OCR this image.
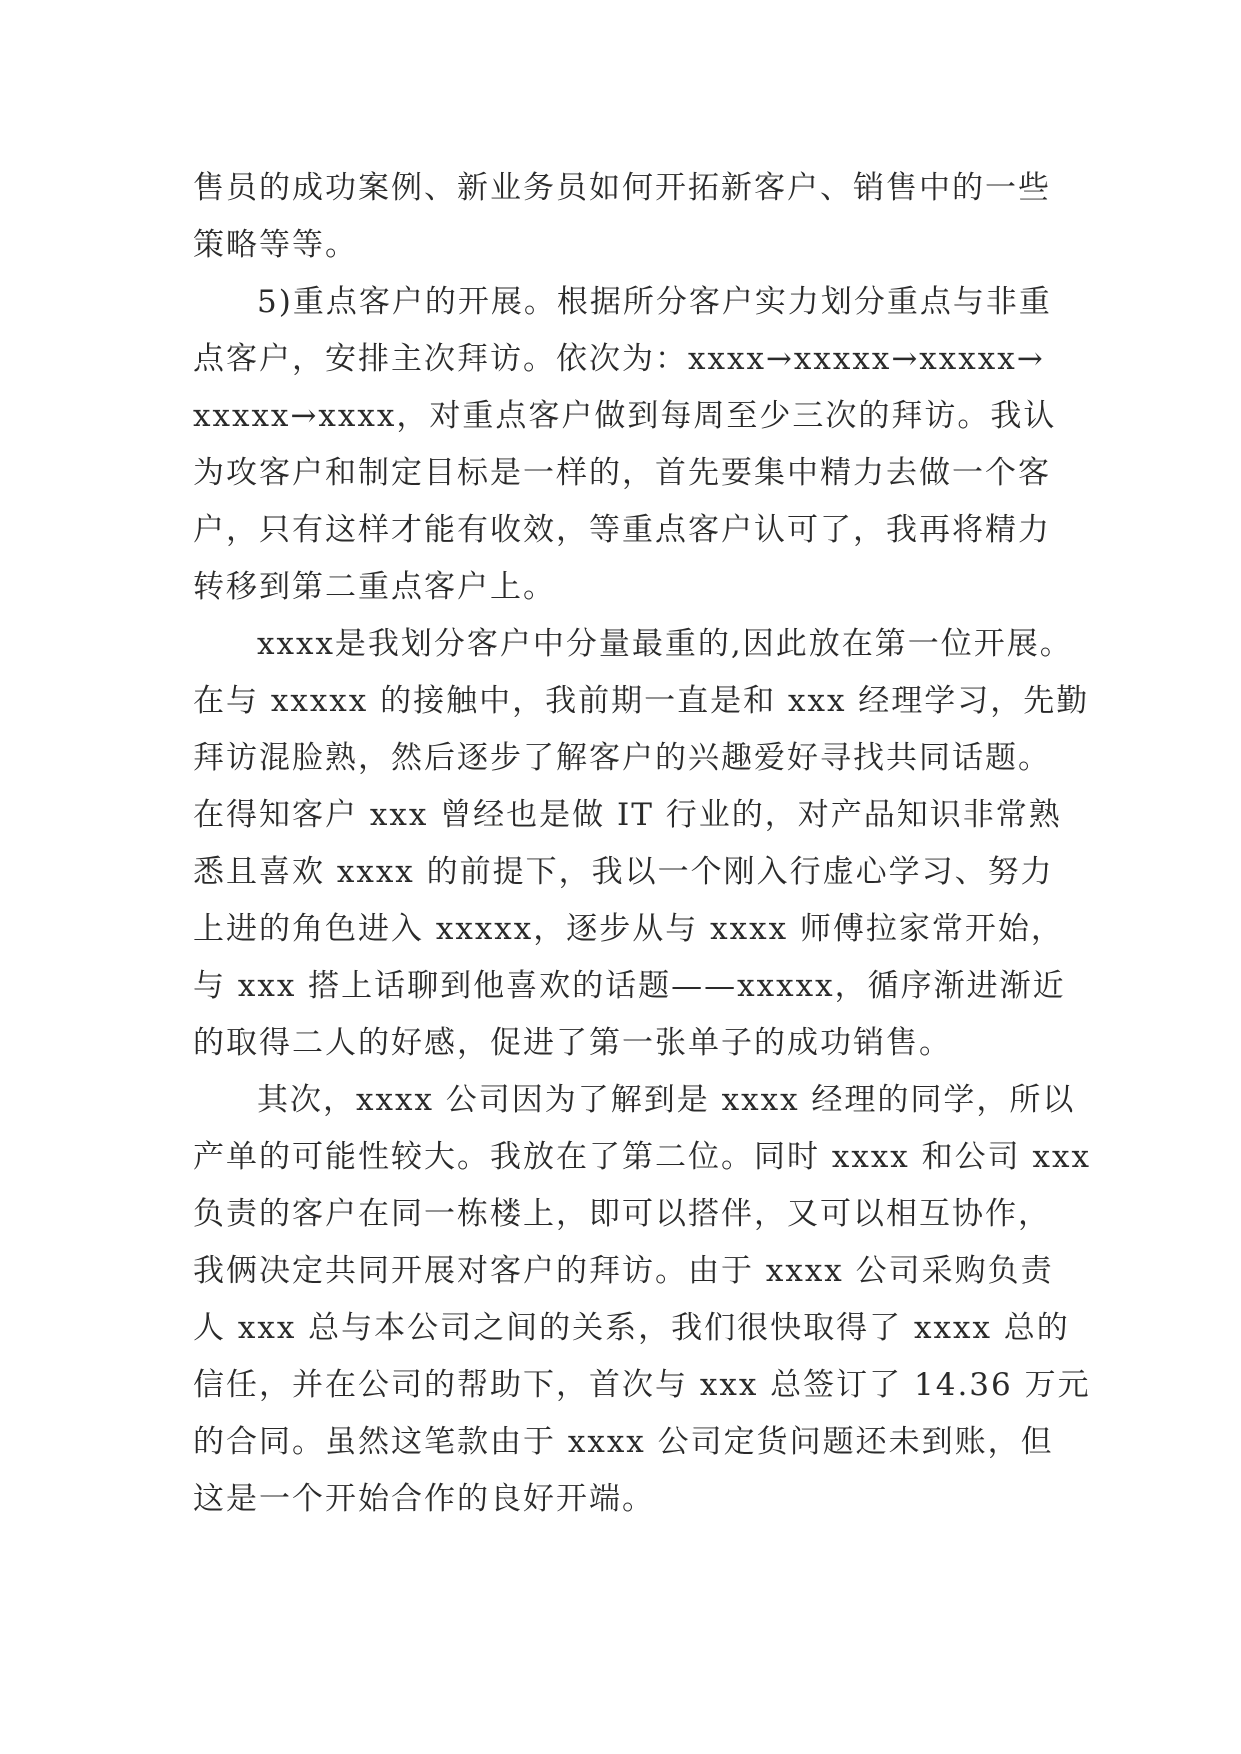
售员的成功案例、新业务员如何开拓新客户、销售中的一些
策略等等。
5)重点客户的开展。根据所分客户实力划分重点与非重
点客户，安排主次拜访。依次为：xxxx→xxxxx→xxxxx→
xxxxx→xxxx，对重点客户做到每周至少三次的拜访。我认
为攻客户和制定目标是一样的，首先要集中精力去做一个客
户，只有这样才能有收效，等重点客户认可了，我再将精力
转移到第二重点客户上。
xxxx是我划分客户中分量最重的,因此放在第一位开展。
在与 xxxxx 的接触中，我前期一直是和 xxx 经理学习，先勤
拜访混脸熟，然后逐步了解客户的兴趣爱好寻找共同话题。
在得知客户 xxx 曾经也是做 IT 行业的，对产品知识非常熟
悉且喜欢 xxxx 的前提下，我以一个刚入行虚心学习、努力
上进的角色进入 xxxxx，逐步从与 xxxx 师傅拉家常开始，
与 xxx 搭上话聊到他喜欢的话题——xxxxx，循序渐进渐近
的取得二人的好感，促进了第一张单子的成功销售。
其次，xxxx 公司因为了解到是 xxxx 经理的同学，所以
产单的可能性较大。我放在了第二位。同时 xxxx 和公司 xxx
负责的客户在同一栋楼上，即可以搭伴，又可以相互协作，
我俩决定共同开展对客户的拜访。由于 xxxx 公司采购负责
人 xxx 总与本公司之间的关系，我们很快取得了 xxxx 总的
信任，并在公司的帮助下，首次与 xxx 总签订了 14.36 万元
的合同。虽然这笔款由于 xxxx 公司定货问题还未到账，但
这是一个开始合作的良好开端。
